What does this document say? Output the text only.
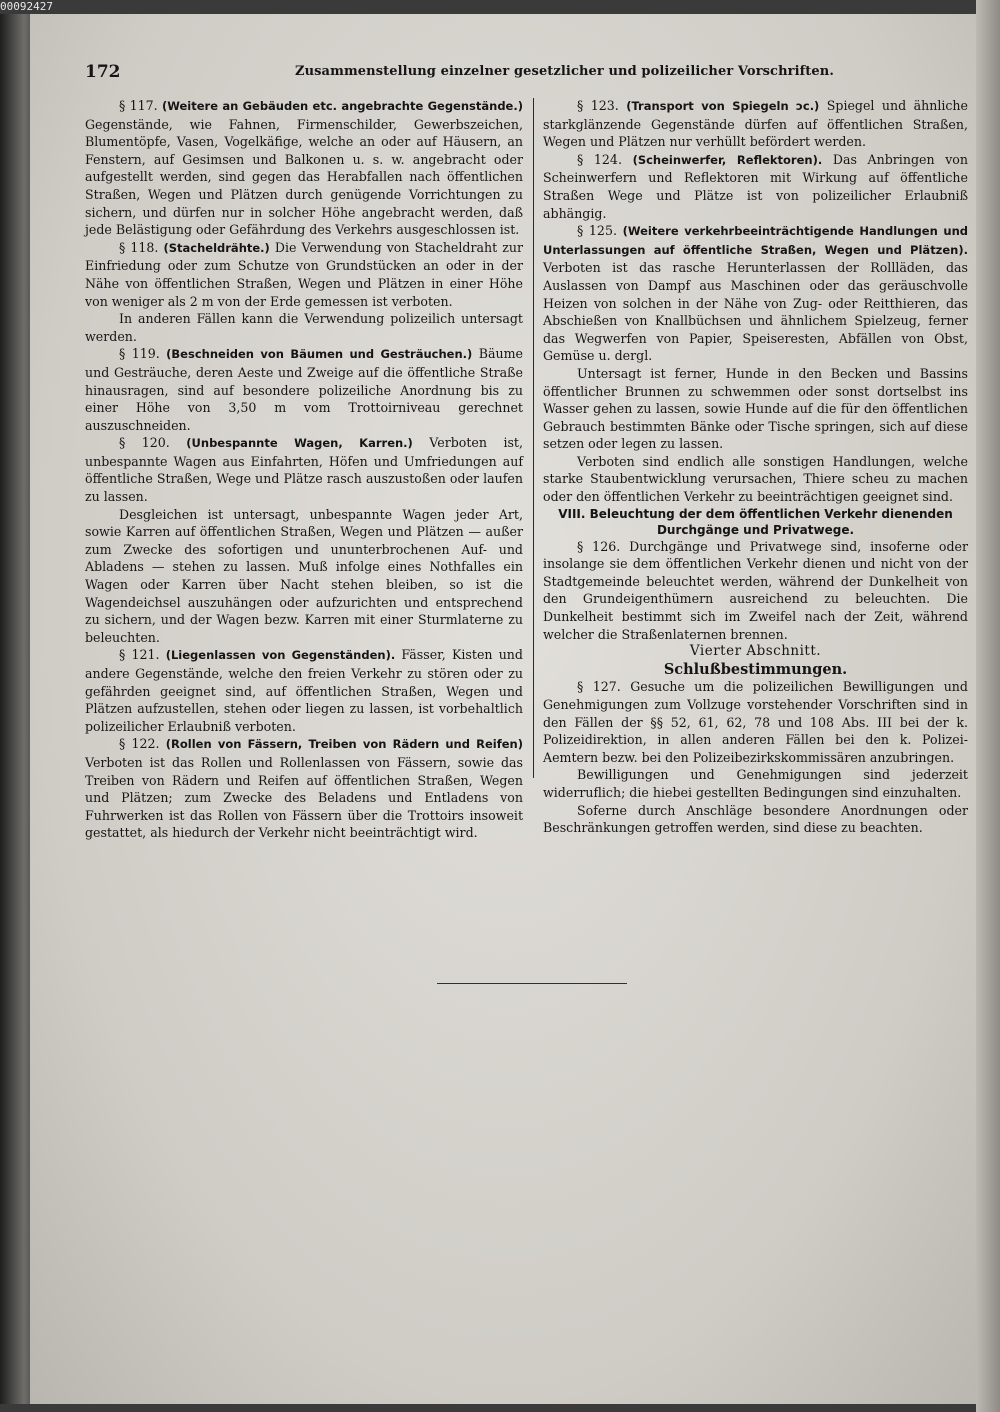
00092427
172	Zusammenstellung einzelner gesetzlicher und polizeilicher Vorschriften.

§ 117. (Weitere an Gebäuden etc. angebrachte Gegenstände.) Gegenstände, wie Fahnen, Firmenschilder, Gewerbszeichen, Blumentöpfe, Vasen, Vogelkäfige, welche an oder auf Häusern, an Fenstern, auf Gesimsen und Balkonen u. s. w. angebracht oder aufgestellt werden, sind gegen das Herabfallen nach öffentlichen Straßen, Wegen und Plätzen durch genügende Vorrichtungen zu sichern, und dürfen nur in solcher Höhe angebracht werden, daß jede Belästigung oder Gefährdung des Verkehrs ausgeschlossen ist.

§ 118. (Stacheldrähte.) Die Verwendung von Stacheldraht zur Einfriedung oder zum Schutze von Grundstücken an oder in der Nähe von öffentlichen Straßen, Wegen und Plätzen in einer Höhe von weniger als 2 m von der Erde gemessen ist verboten.

In anderen Fällen kann die Verwendung polizeilich untersagt werden.

§ 119. (Beschneiden von Bäumen und Gesträuchen.) Bäume und Gesträuche, deren Aeste und Zweige auf die öffentliche Straße hinausragen, sind auf besondere polizeiliche Anordnung bis zu einer Höhe von 3,50 m vom Trottoirniveau gerechnet auszuschneiden.

§ 120. (Unbespannte Wagen, Karren.) Verboten ist, unbespannte Wagen aus Einfahrten, Höfen und Umfriedungen auf öffentliche Straßen, Wege und Plätze rasch auszustoßen oder laufen zu lassen.

Desgleichen ist untersagt, unbespannte Wagen jeder Art, sowie Karren auf öffentlichen Straßen, Wegen und Plätzen — außer zum Zwecke des sofortigen und ununterbrochenen Auf- und Abladens — stehen zu lassen. Muß infolge eines Nothfalles ein Wagen oder Karren über Nacht stehen bleiben, so ist die Wagendeichsel auszuhängen oder aufzurichten und entsprechend zu sichern, und der Wagen bezw. Karren mit einer Sturmlaterne zu beleuchten.

§ 121. (Liegenlassen von Gegenständen). Fässer, Kisten und andere Gegenstände, welche den freien Verkehr zu stören oder zu gefährden geeignet sind, auf öffentlichen Straßen, Wegen und Plätzen aufzustellen, stehen oder liegen zu lassen, ist vorbehaltlich polizeilicher Erlaubniß verboten.

§ 122. (Rollen von Fässern, Treiben von Rädern und Reifen) Verboten ist das Rollen und Rollenlassen von Fässern, sowie das Treiben von Rädern und Reifen auf öffentlichen Straßen, Wegen und Plätzen; zum Zwecke des Beladens und Entladens von Fuhrwerken ist das Rollen von Fässern über die Trottoirs insoweit gestattet, als hiedurch der Verkehr nicht beeinträchtigt wird.

§ 123. (Transport von Spiegeln ɔc.) Spiegel und ähnliche starkglänzende Gegenstände dürfen auf öffentlichen Straßen, Wegen und Plätzen nur verhüllt befördert werden.

§ 124. (Scheinwerfer, Reflektoren). Das Anbringen von Scheinwerfern und Reflektoren mit Wirkung auf öffentliche Straßen Wege und Plätze ist von polizeilicher Erlaubniß abhängig.

§ 125. (Weitere verkehrbeeinträchtigende Handlungen und Unterlassungen auf öffentliche Straßen, Wegen und Plätzen). Verboten ist das rasche Herunterlassen der Rollläden, das Auslassen von Dampf aus Maschinen oder das geräuschvolle Heizen von solchen in der Nähe von Zug- oder Reitthieren, das Abschießen von Knallbüchsen und ähnlichem Spielzeug, ferner das Wegwerfen von Papier, Speiseresten, Abfällen von Obst, Gemüse u. dergl.

Untersagt ist ferner, Hunde in den Becken und Bassins öffentlicher Brunnen zu schwemmen oder sonst dortselbst ins Wasser gehen zu lassen, sowie Hunde auf die für den öffentlichen Gebrauch bestimmten Bänke oder Tische springen, sich auf diese setzen oder legen zu lassen.

Verboten sind endlich alle sonstigen Handlungen, welche starke Staubentwicklung verursachen, Thiere scheu zu machen oder den öffentlichen Verkehr zu beeinträchtigen geeignet sind.

VIII. Beleuchtung der dem öffentlichen Verkehr dienenden Durchgänge und Privatwege.

§ 126. Durchgänge und Privatwege sind, insoferne oder insolange sie dem öffentlichen Verkehr dienen und nicht von der Stadtgemeinde beleuchtet werden, während der Dunkelheit von den Grundeigenthümern ausreichend zu beleuchten. Die Dunkelheit bestimmt sich im Zweifel nach der Zeit, während welcher die Straßenlaternen brennen.

Vierter Abschnitt.

Schlußbestimmungen.

§ 127. Gesuche um die polizeilichen Bewilligungen und Genehmigungen zum Vollzuge vorstehender Vorschriften sind in den Fällen der §§ 52, 61, 62, 78 und 108 Abs. III bei der k. Polizeidirektion, in allen anderen Fällen bei den k. Polizei-Aemtern bezw. bei den Polizeibezirkskommissären anzubringen.

Bewilligungen und Genehmigungen sind jederzeit widerruflich; die hiebei gestellten Bedingungen sind einzuhalten.

Soferne durch Anschläge besondere Anordnungen oder Beschränkungen getroffen werden, sind diese zu beachten.
